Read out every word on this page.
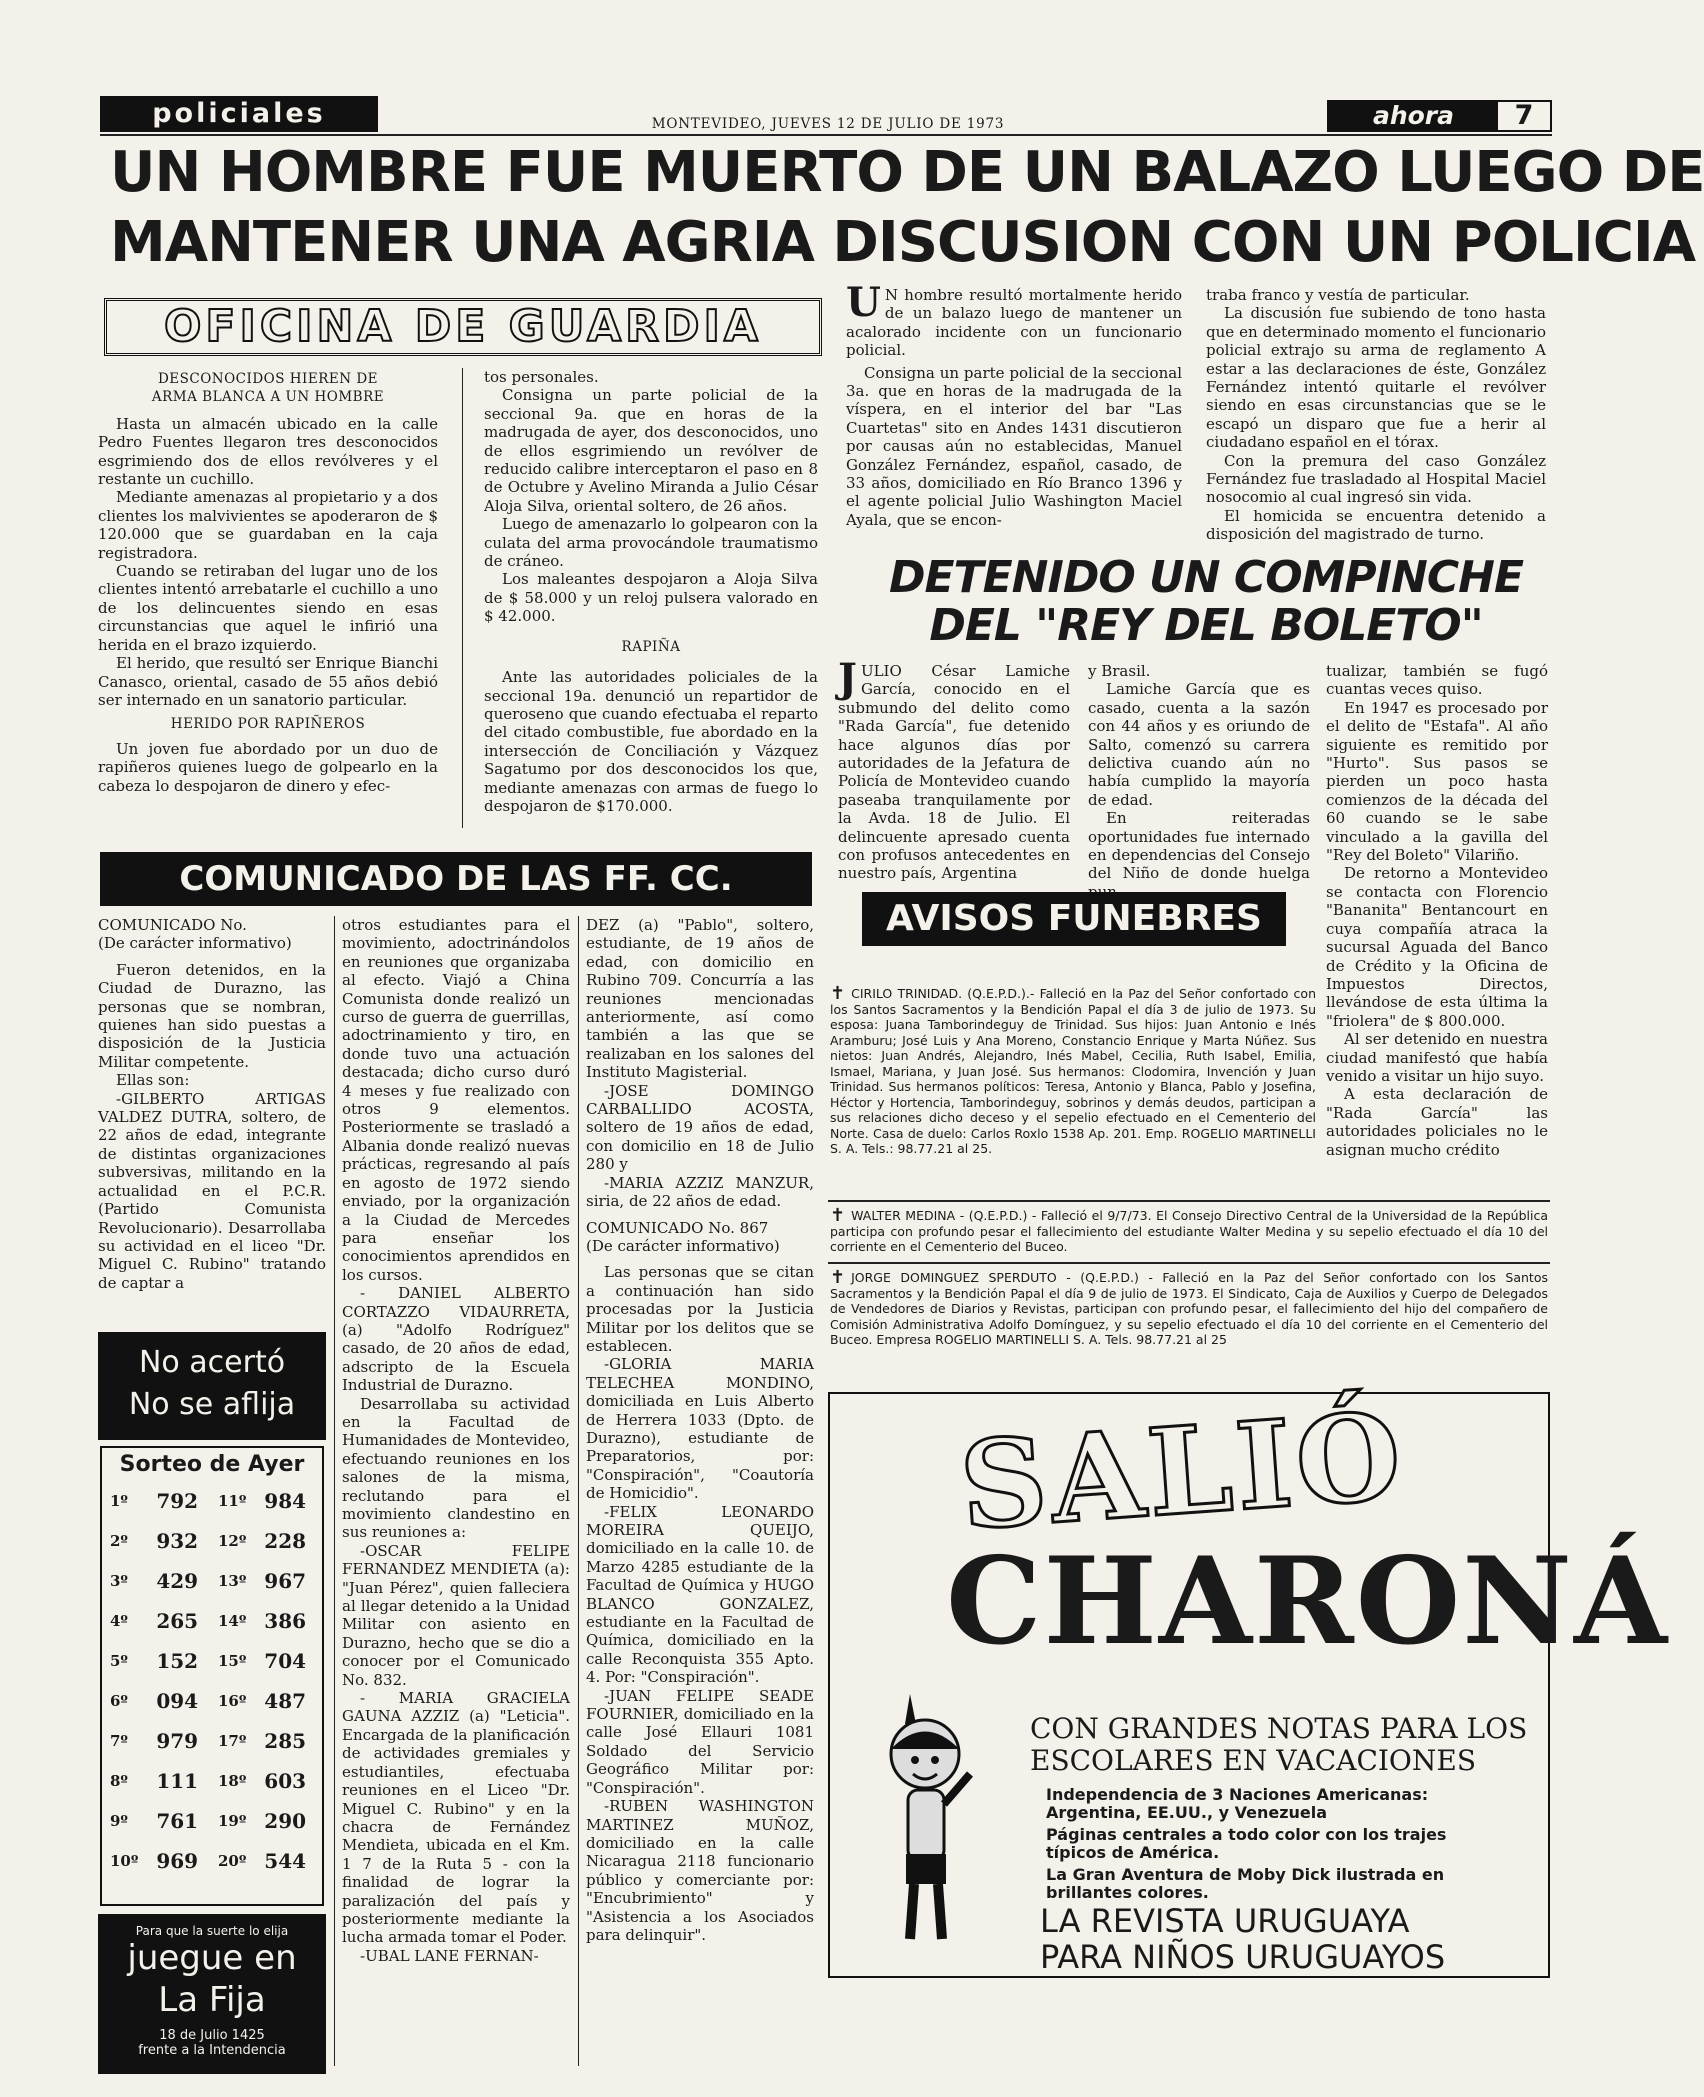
policiales	MONTEVIDEO, JUEVES 12 DE JULIO DE 1973	ahora	7
UN HOMBRE FUE MUERTO DE UN BALAZO LUEGO DE
MANTENER UNA AGRIA DISCUSION CON UN POLICIA
OFICINA DE GUARDIA
DESCONOCIDOS HIEREN DE
ARMA BLANCA A UN HOMBRE

Hasta un almacén ubicado en la calle Pedro Fuentes llegaron tres desconocidos esgrimiendo dos de ellos revólveres y el restante un cuchillo.

Mediante amenazas al propietario y a dos clientes los malvivientes se apoderaron de $ 120.000 que se guardaban en la caja registradora.

Cuando se retiraban del lugar uno de los clientes intentó arrebatarle el cuchillo a uno de los delincuentes siendo en esas circunstancias que aquel le infirió una herida en el brazo izquierdo.

El herido, que resultó ser Enrique Bianchi Canasco, oriental, casado de 55 años debió ser internado en un sanatorio particular.

HERIDO POR RAPIÑEROS

Un joven fue abordado por un duo de rapiñeros quienes luego de golpearlo en la cabeza lo despojaron de dinero y efec-

tos personales.

Consigna un parte policial de la seccional 9a. que en horas de la madrugada de ayer, dos desconocidos, uno de ellos esgrimiendo un revólver de reducido calibre interceptaron el paso en 8 de Octubre y Avelino Miranda a Julio César Aloja Silva, oriental soltero, de 26 años.

Luego de amenazarlo lo golpearon con la culata del arma provocándole traumatismo de cráneo.

Los maleantes despojaron a Aloja Silva de $ 58.000 y un reloj pulsera valorado en $ 42.000.

RAPIÑA

Ante las autoridades policiales de la seccional 19a. denunció un repartidor de queroseno que cuando efectuaba el reparto del citado combustible, fue abordado en la intersección de Conciliación y Vázquez Sagatumo por dos desconocidos los que, mediante amenazas con armas de fuego lo despojaron de $170.000.

U N hombre resultó mortalmente herido de un balazo luego de mantener un acalorado incidente con un funcionario policial.

Consigna un parte policial de la seccional 3a. que en horas de la madrugada de la víspera, en el interior del bar "Las Cuartetas" sito en Andes 1431 discutieron por causas aún no establecidas, Manuel González Fernández, español, casado, de 33 años, domiciliado en Río Branco 1396 y el agente policial Julio Washington Maciel Ayala, que se encon-

traba franco y vestía de particular.

La discusión fue subiendo de tono hasta que en determinado momento el funcionario policial extrajo su arma de reglamento A estar a las declaraciones de éste, González Fernández intentó quitarle el revólver siendo en esas circunstancias que se le escapó un disparo que fue a herir al ciudadano español en el tórax.

Con la premura del caso González Fernández fue trasladado al Hospital Maciel nosocomio al cual ingresó sin vida.

El homicida se encuentra detenido a disposición del magistrado de turno.

DETENIDO UN COMPINCHE
DEL "REY DEL BOLETO"

JULIO César Lamiche García, conocido en el submundo del delito como "Rada García", fue detenido hace algunos días por autoridades de la Jefatura de Policía de Montevideo cuando paseaba tranquilamente por la Avda. 18 de Julio. El delincuente apresado cuenta con profusos antecedentes en nuestro país, Argentina

y Brasil.

Lamiche García que es casado, cuenta a la sazón con 44 años y es oriundo de Salto, comenzó su carrera delictiva cuando aún no había cumplido la mayoría de edad.

En reiteradas oportunidades fue internado en dependencias del Consejo del Niño de donde huelga

tualizar, también se fugó cuantas veces quiso.

En 1947 es procesado por el delito de "Estafa". Al año siguiente es remitido por "Hurto". Sus pasos se pierden un poco hasta comienzos de la década del 60 cuando se le sabe vinculado a la gavilla del "Rey del Boleto" Vilariño.

De retorno a Montevideo se contacta con Florencio "Bananita" Bentancourt en cuya compañía atraca la sucursal Aguada del Banco de Crédito y la Oficina de Impuestos Directos, llevándose de esta última la "friolera" de $ 800.000.

Al ser detenido en nuestra ciudad manifestó que había venido a visitar un hijo suyo.

A esta declaración de "Rada García" las autoridades policiales no le asignan mucho crédito

AVISOS FUNEBRES
✝ CIRILO TRINIDAD. (Q.E.P.D.).- Falleció en la Paz del Señor confortado con los Santos Sacramentos y la Bendición Papal el día 3 de julio de 1973. Su esposa: Juana Tamborindeguy de Trinidad. Sus hijos: Juan Antonio e Inés Aramburu; José Luis y Ana Moreno, Constancio Enrique y Marta Núñez. Sus nietos: Juan Andrés, Alejandro, Inés Mabel, Cecilia, Ruth Isabel, Emilia, Ismael, Mariana, y Juan José. Sus hermanos: Clodomira, Invención y Juan Trinidad. Sus hermanos políticos: Teresa, Antonio y Blanca, Pablo y Josefina, Héctor y Hortencia, Tamborindeguy, sobrinos y demás deudos, participan a sus relaciones dicho deceso y el sepelio efectuado en el Cementerio del Norte. Casa de duelo: Carlos Roxlo 1538 Ap. 201. Emp. ROGELIO MARTINELLI S. A. Tels.: 98.77.21 al 25.
✝ WALTER MEDINA - (Q.E.P.D.) - Falleció el 9/7/73. El Consejo Directivo Central de la Universidad de la República participa con profundo pesar el fallecimiento del estudiante Walter Medina y su sepelio efectuado el día 10 del corriente en el Cementerio del Buceo.
✝ JORGE DOMINGUEZ SPERDUTO - (Q.E.P.D.) - Falleció en la Paz del Señor confortado con los Santos Sacramentos y la Bendición Papal el día 9 de julio de 1973. El Sindicato, Caja de Auxilios y Cuerpo de Delegados de Vendedores de Diarios y Revistas, participan con profundo pesar, el fallecimiento del hijo del compañero de Comisión Administrativa Adolfo Domínguez, y su sepelio efectuado el día 10 del corriente en el Cementerio del Buceo. Empresa ROGELIO MARTINELLI S. A. Tels. 98.77.21 al 25
COMUNICADO DE LAS FF. CC.
COMUNICADO No.
(De carácter informativo)

Fueron detenidos, en la Ciudad de Durazno, las personas que se nombran, quienes han sido puestas a disposición de la Justicia Militar competente.

Ellas son:

-GILBERTO ARTIGAS VALDEZ DUTRA, soltero, de 22 años de edad, integrante de distintas organizaciones subversivas, militando en la actualidad en el P.C.R. (Partido Comunista Revolucionario). Desarrollaba su actividad en el liceo "Dr. Miguel C. Rubino" tratando de captar a

otros estudiantes para el movimiento, adoctrinándolos en reuniones que organizaba al efecto. Viajó a China Comunista donde realizó un curso de guerra de guerrillas, adoctrinamiento y tiro, en donde tuvo una actuación destacada; dicho curso duró 4 meses y fue realizado con otros 9 elementos. Posteriormente se trasladó a Albania donde realizó nuevas prácticas, regresando al país en agosto de 1972 siendo enviado, por la organización a la Ciudad de Mercedes para enseñar los conocimientos aprendidos en los cursos.

- DANIEL ALBERTO CORTAZZO VIDAURRETA, (a) "Adolfo Rodríguez" casado, de 20 años de edad, adscripto de la Escuela Industrial de Durazno.

Desarrollaba su actividad en la Facultad de Humanidades de Montevideo, efectuando reuniones en los salones de la misma, reclutando para el movimiento clandestino en sus reuniones a:

-OSCAR FELIPE FERNANDEZ MENDIETA (a): "Juan Pérez", quien falleciera al llegar detenido a la Unidad Militar con asiento en Durazno, hecho que se dio a conocer por el Comunicado No. 832.

- MARIA GRACIELA GAUNA AZZIZ (a) "Leticia". Encargada de la planificación de actividades gremiales y estudiantiles, efectuaba reuniones en el Liceo "Dr. Miguel C. Rubino" y en la chacra de Fernández Mendieta, ubicada en el Km. 1 7 de la Ruta 5 - con la finalidad de lograr la paralización del país y posteriormente mediante la lucha armada tomar el Poder.

-UBAL LANE FERNAN-

DEZ (a) "Pablo", soltero, estudiante, de 19 años de edad, con domicilio en Rubino 709. Concurría a las reuniones mencionadas anteriormente, así como también a las que se realizaban en los salones del Instituto Magisterial.

-JOSE DOMINGO CARBALLIDO ACOSTA, soltero de 19 años de edad, con domicilio en 18 de Julio 280 y

-MARIA AZZIZ MANZUR, siria, de 22 años de edad.

COMUNICADO No. 867
(De carácter informativo)

Las personas que se citan a continuación han sido procesadas por la Justicia Militar por los delitos que se establecen.

-GLORIA MARIA TELECHEA MONDINO, domiciliada en Luis Alberto de Herrera 1033 (Dpto. de Durazno), estudiante de Preparatorios, por: "Conspiración", "Coautoría de Homicidio".

-FELIX LEONARDO MOREIRA QUEIJO, domiciliado en la calle 10. de Marzo 4285 estudiante de la Facultad de Química y HUGO BLANCO GONZALEZ, estudiante en la Facultad de Química, domiciliado en la calle Reconquista 355 Apto. 4. Por: "Conspiración".

-JUAN FELIPE SEADE FOURNIER, domiciliado en la calle José Ellauri 1081 Soldado del Servicio Geográfico Militar por: "Conspiración".

-RUBEN WASHINGTON MARTINEZ MUÑOZ, domiciliado en la calle Nicaragua 2118 funcionario público y comerciante por: "Encubrimiento" y "Asistencia a los Asociados para delinquir".

No acertó
No se aflija
Sorteo de Ayer
1º	792	11º	984
2º	932	12º	228
3º	429	13º	967
4º	265	14º	386
5º	152	15º	704
6º	094	16º	487
7º	979	17º	285
8º	111	18º	603
9º	761	19º	290
10º	969	20º	544
Para que la suerte lo elija
juegue en
La Fija
18 de Julio 1425
frente a la Intendencia
SALIÓ
CHARONÁ
CON GRANDES NOTAS PARA LOS
ESCOLARES EN VACACIONES
Independencia de 3 Naciones Americanas: Argentina, EE.UU., y Venezuela
Páginas centrales a todo color con los trajes típicos de América.
La Gran Aventura de Moby Dick ilustrada en brillantes colores.
LA REVISTA URUGUAYA
PARA NIÑOS URUGUAYOS
